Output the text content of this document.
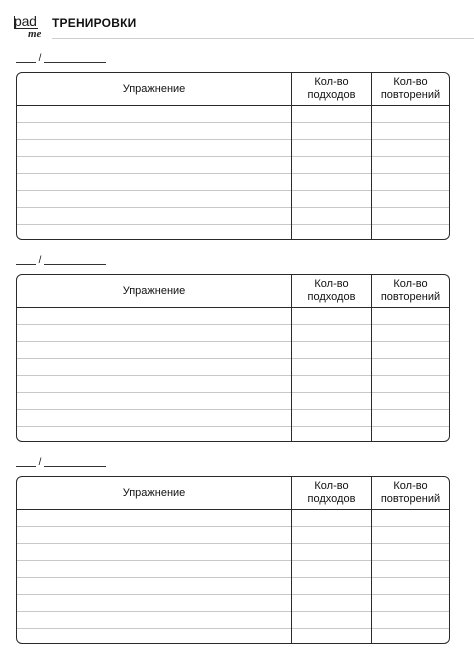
pad
me
ТРЕНИРОВКИ
/
Упражнение
Кол-во
подходов
Кол-во
повторений
/
Упражнение
Кол-во
подходов
Кол-во
повторений
/
Упражнение
Кол-во
подходов
Кол-во
повторений
